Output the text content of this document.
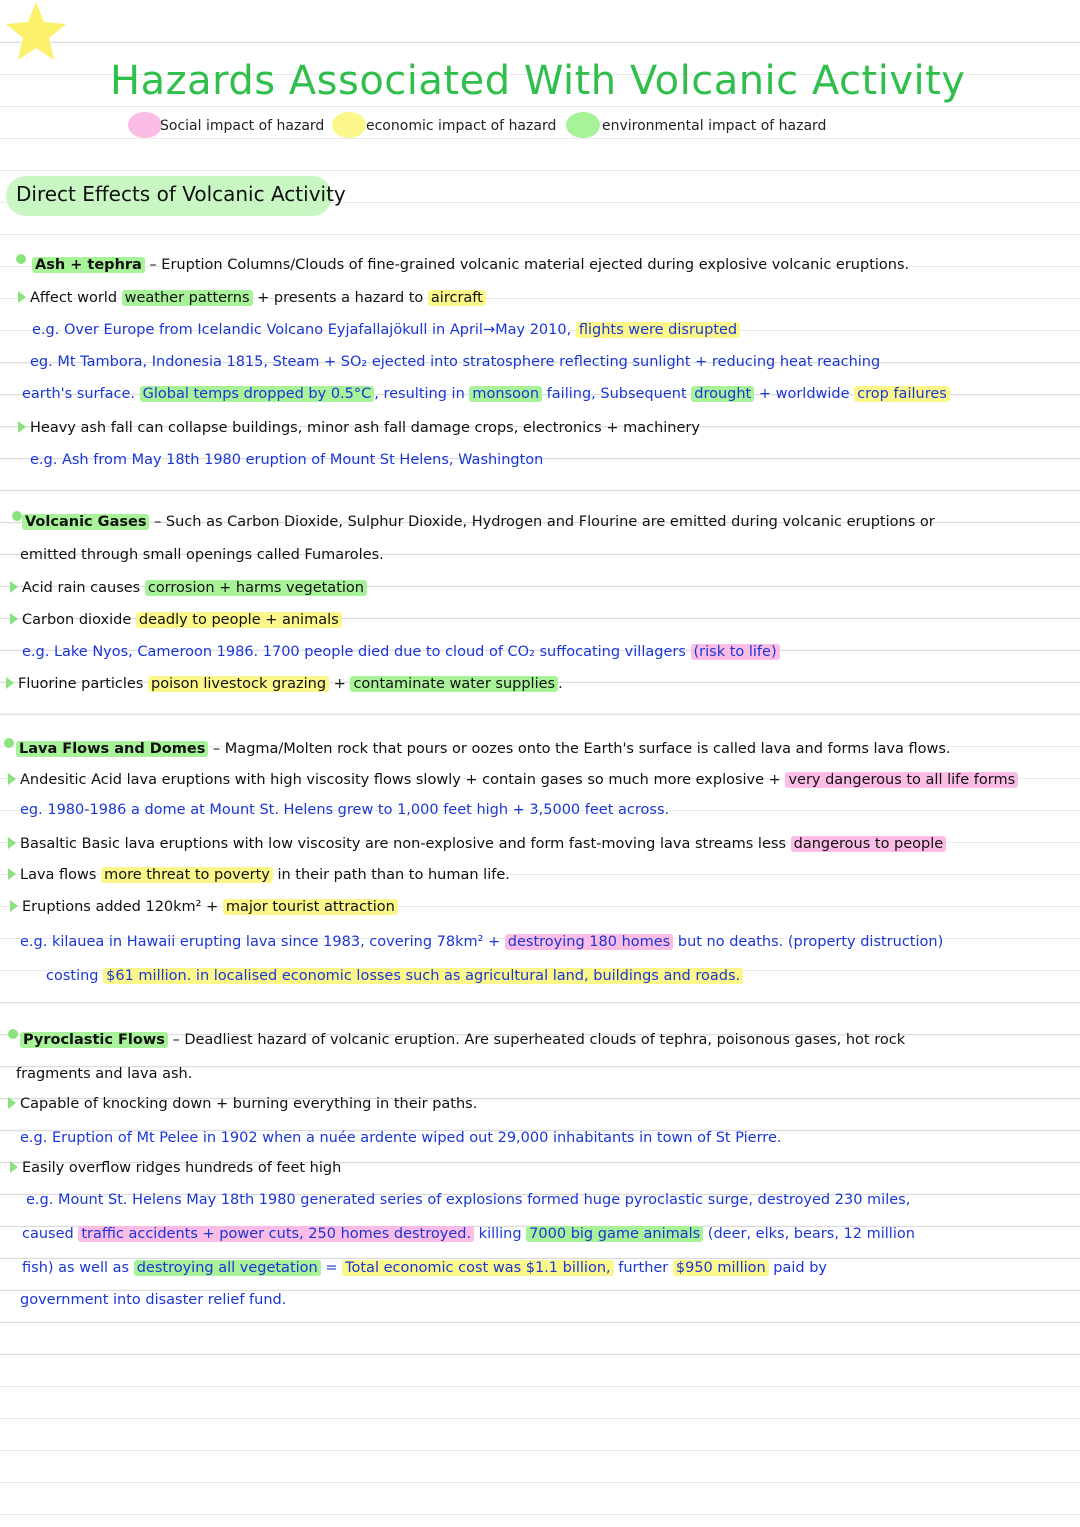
Hazards Associated With Volcanic Activity
Social impact of hazard	economic impact of hazard	environmental impact of hazard
Direct Effects of Volcanic Activity
Ash + tephra – Eruption Columns/Clouds of fine-grained volcanic material ejected during explosive volcanic eruptions.
Affect world weather patterns + presents a hazard to aircraft
e.g. Over Europe from Icelandic Volcano Eyjafallajökull in April→May 2010, flights were disrupted
eg. Mt Tambora, Indonesia 1815, Steam + SO₂ ejected into stratosphere reflecting sunlight + reducing heat reaching
earth's surface. Global temps dropped by 0.5°C , resulting in monsoon failing, Subsequent drought + worldwide crop failures
Heavy ash fall can collapse buildings, minor ash fall damage crops, electronics + machinery
e.g. Ash from May 18th 1980 eruption of Mount St Helens, Washington
Volcanic Gases – Such as Carbon Dioxide, Sulphur Dioxide, Hydrogen and Flourine are emitted during volcanic eruptions or
emitted through small openings called Fumaroles.
Acid rain causes corrosion + harms vegetation
Carbon dioxide deadly to people + animals
e.g. Lake Nyos, Cameroon 1986. 1700 people died due to cloud of CO₂ suffocating villagers (risk to life)
Fluorine particles poison livestock grazing + contaminate water supplies .
Lava Flows and Domes – Magma/Molten rock that pours or oozes onto the Earth's surface is called lava and forms lava flows.
Andesitic Acid lava eruptions with high viscosity flows slowly + contain gases so much more explosive + very dangerous to all life forms
eg. 1980-1986 a dome at Mount St. Helens grew to 1,000 feet high + 3,5000 feet across.
Basaltic Basic lava eruptions with low viscosity are non-explosive and form fast-moving lava streams less dangerous to people
Lava flows more threat to poverty in their path than to human life.
Eruptions added 120km² + major tourist attraction
e.g. kilauea in Hawaii erupting lava since 1983, covering 78km² + destroying 180 homes but no deaths. (property distruction)
costing $61 million. in localised economic losses such as agricultural land, buildings and roads.
Pyroclastic Flows – Deadliest hazard of volcanic eruption. Are superheated clouds of tephra, poisonous gases, hot rock
fragments and lava ash.
Capable of knocking down + burning everything in their paths.
e.g. Eruption of Mt Pelee in 1902 when a nuée ardente wiped out 29,000 inhabitants in town of St Pierre.
Easily overflow ridges hundreds of feet high
e.g. Mount St. Helens May 18th 1980 generated series of explosions formed huge pyroclastic surge, destroyed 230 miles,
caused traffic accidents + power cuts, 250 homes destroyed. killing 7000 big game animals (deer, elks, bears, 12 million
fish) as well as destroying all vegetation = Total economic cost was $1.1 billion, further $950 million paid by
government into disaster relief fund.
